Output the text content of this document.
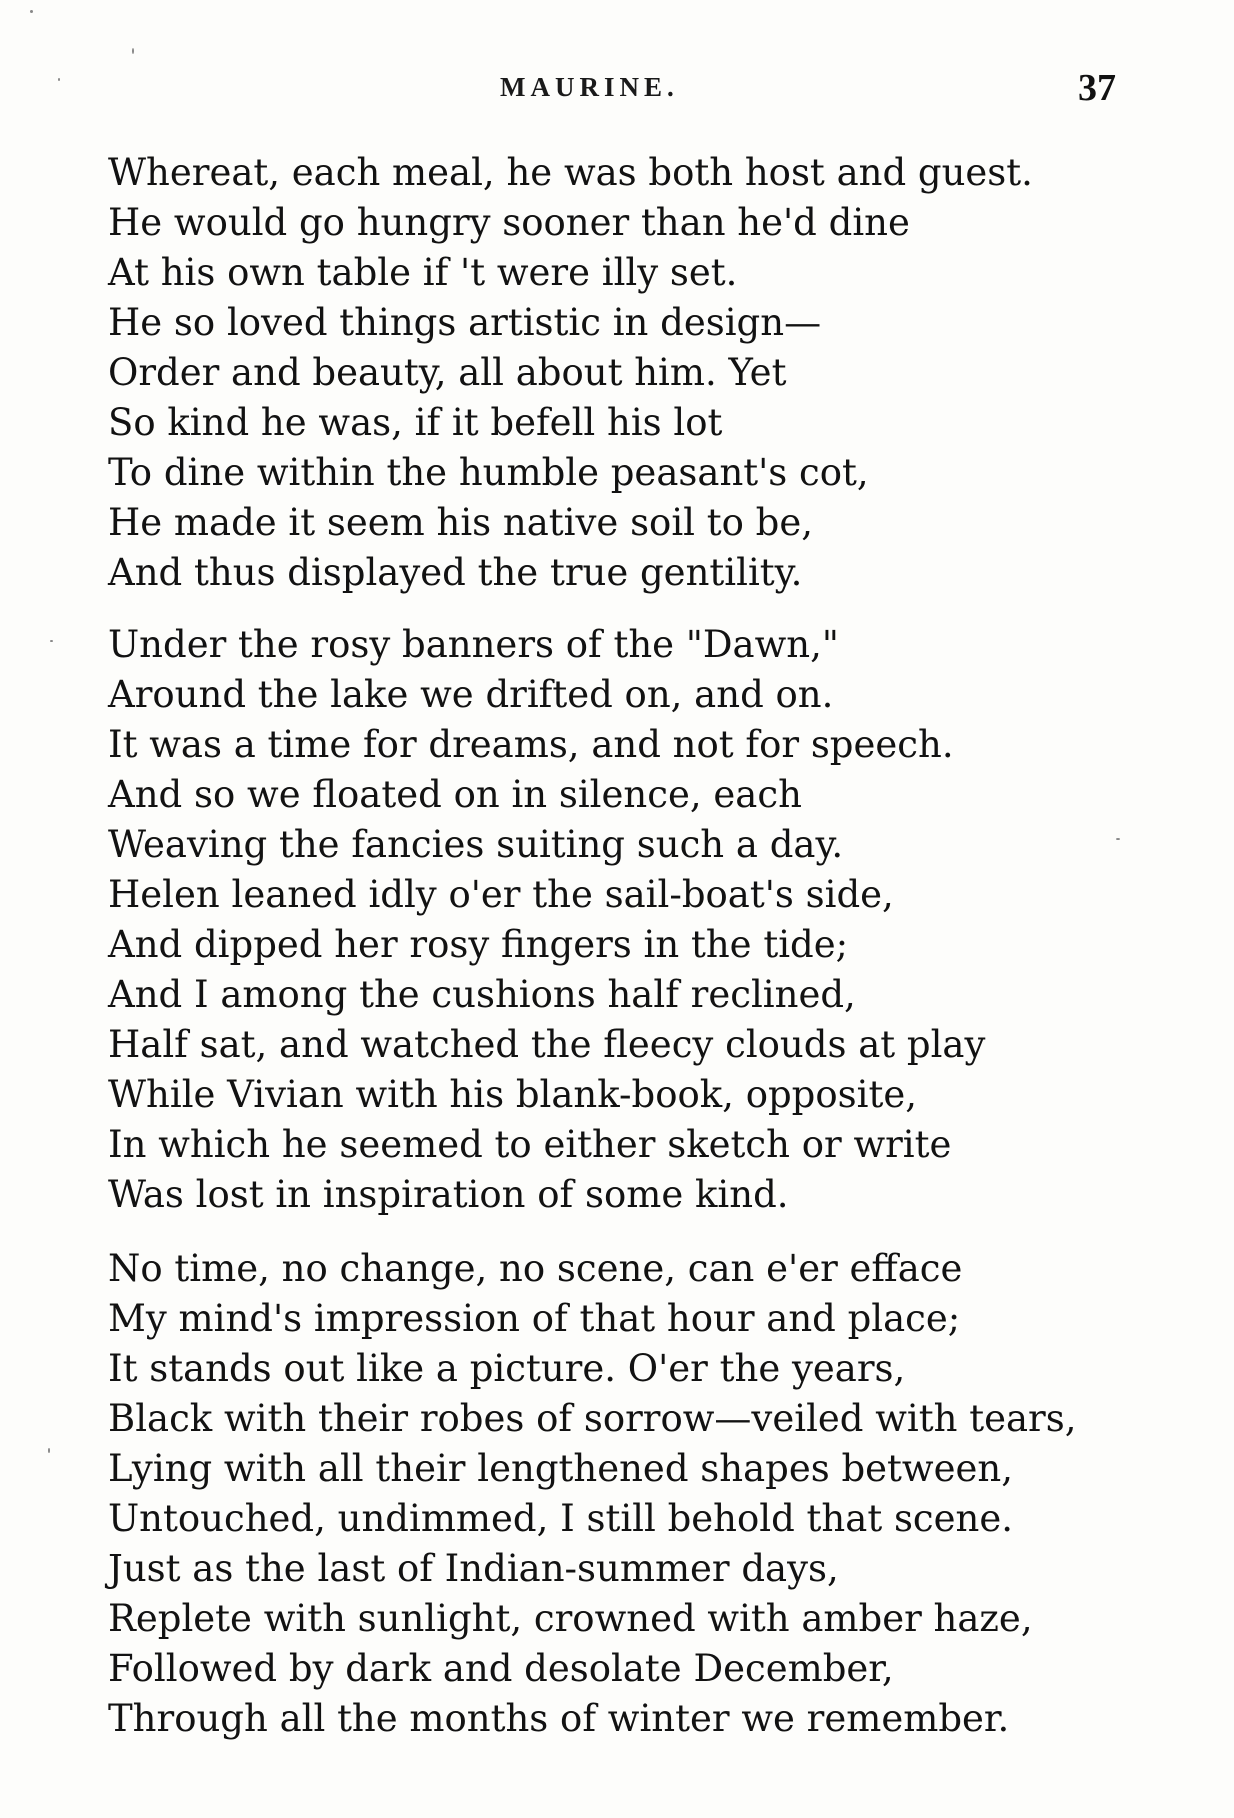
MAURINE.	37
Whereat, each meal, he was both host and guest.
He would go hungry sooner than he'd dine
At his own table if 't were illy set.
He so loved things artistic in design—
Order and beauty, all about him. Yet
So kind he was, if it befell his lot
To dine within the humble peasant's cot,
He made it seem his native soil to be,
And thus displayed the true gentility.
Under the rosy banners of the "Dawn,"
Around the lake we drifted on, and on.
It was a time for dreams, and not for speech.
And so we floated on in silence, each
Weaving the fancies suiting such a day.
Helen leaned idly o'er the sail-boat's side,
And dipped her rosy fingers in the tide;
And I among the cushions half reclined,
Half sat, and watched the fleecy clouds at play
While Vivian with his blank-book, opposite,
In which he seemed to either sketch or write
Was lost in inspiration of some kind.
No time, no change, no scene, can e'er efface
My mind's impression of that hour and place;
It stands out like a picture. O'er the years,
Black with their robes of sorrow—veiled with tears,
Lying with all their lengthened shapes between,
Untouched, undimmed, I still behold that scene.
Just as the last of Indian-summer days,
Replete with sunlight, crowned with amber haze,
Followed by dark and desolate December,
Through all the months of winter we remember.
